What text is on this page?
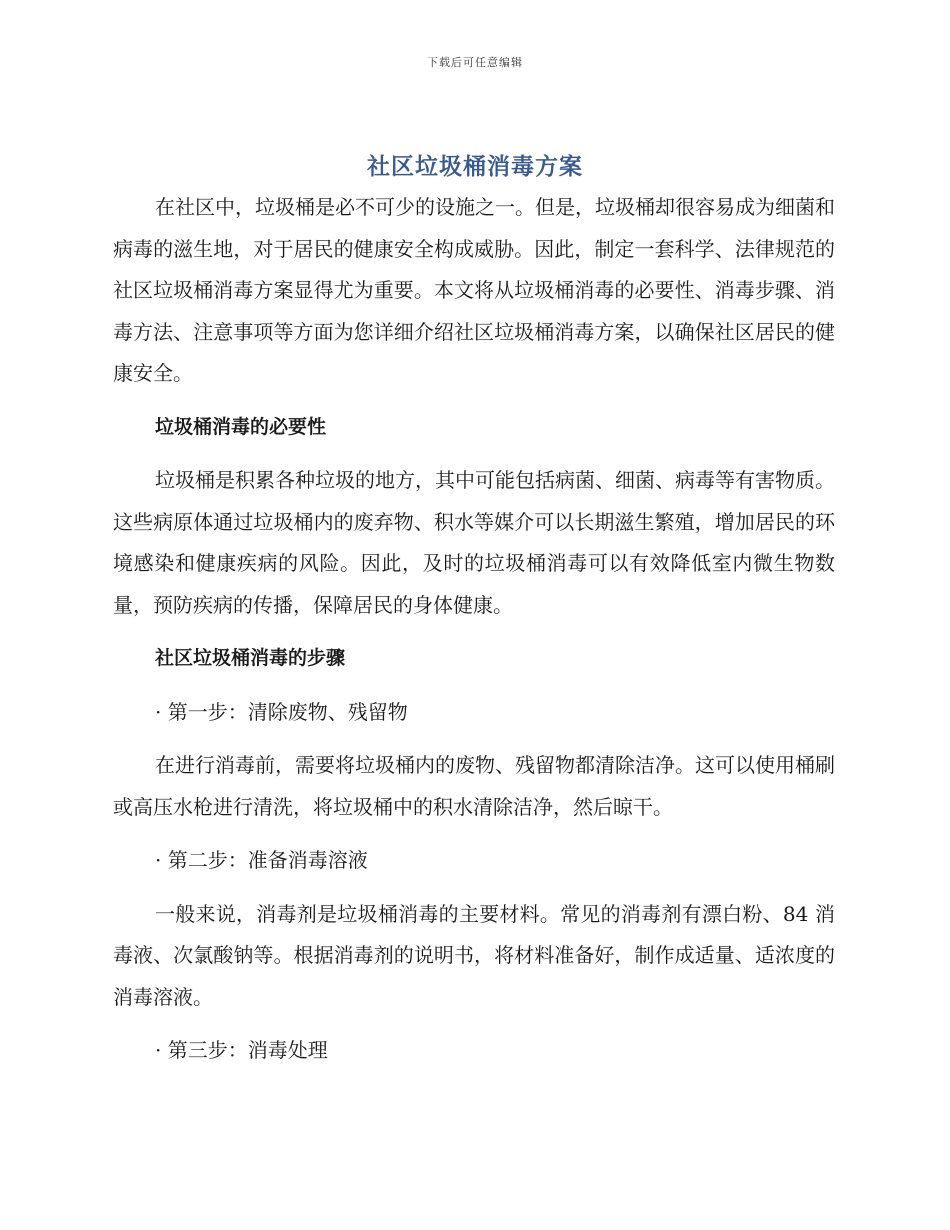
下载后可任意编辑
社区垃圾桶消毒方案

在社区中，垃圾桶是必不可少的设施之一。但是，垃圾桶却很容易成为细菌和病毒的滋生地，对于居民的健康安全构成威胁。因此，制定一套科学、法律规范的社区垃圾桶消毒方案显得尤为重要。本文将从垃圾桶消毒的必要性、消毒步骤、消毒方法、注意事项等方面为您详细介绍社区垃圾桶消毒方案，以确保社区居民的健康安全。

垃圾桶消毒的必要性

垃圾桶是积累各种垃圾的地方，其中可能包括病菌、细菌、病毒等有害物质。这些病原体通过垃圾桶内的废弃物、积水等媒介可以长期滋生繁殖，增加居民的环境感染和健康疾病的风险。因此，及时的垃圾桶消毒可以有效降低室内微生物数量，预防疾病的传播，保障居民的身体健康。

社区垃圾桶消毒的步骤
· 第一步：清除废物、残留物

在进行消毒前，需要将垃圾桶内的废物、残留物都清除洁净。这可以使用桶刷或高压水枪进行清洗，将垃圾桶中的积水清除洁净，然后晾干。

· 第二步：准备消毒溶液

一般来说，消毒剂是垃圾桶消毒的主要材料。常见的消毒剂有漂白粉、84 消毒液、次氯酸钠等。根据消毒剂的说明书，将材料准备好，制作成适量、适浓度的消毒溶液。

· 第三步：消毒处理
